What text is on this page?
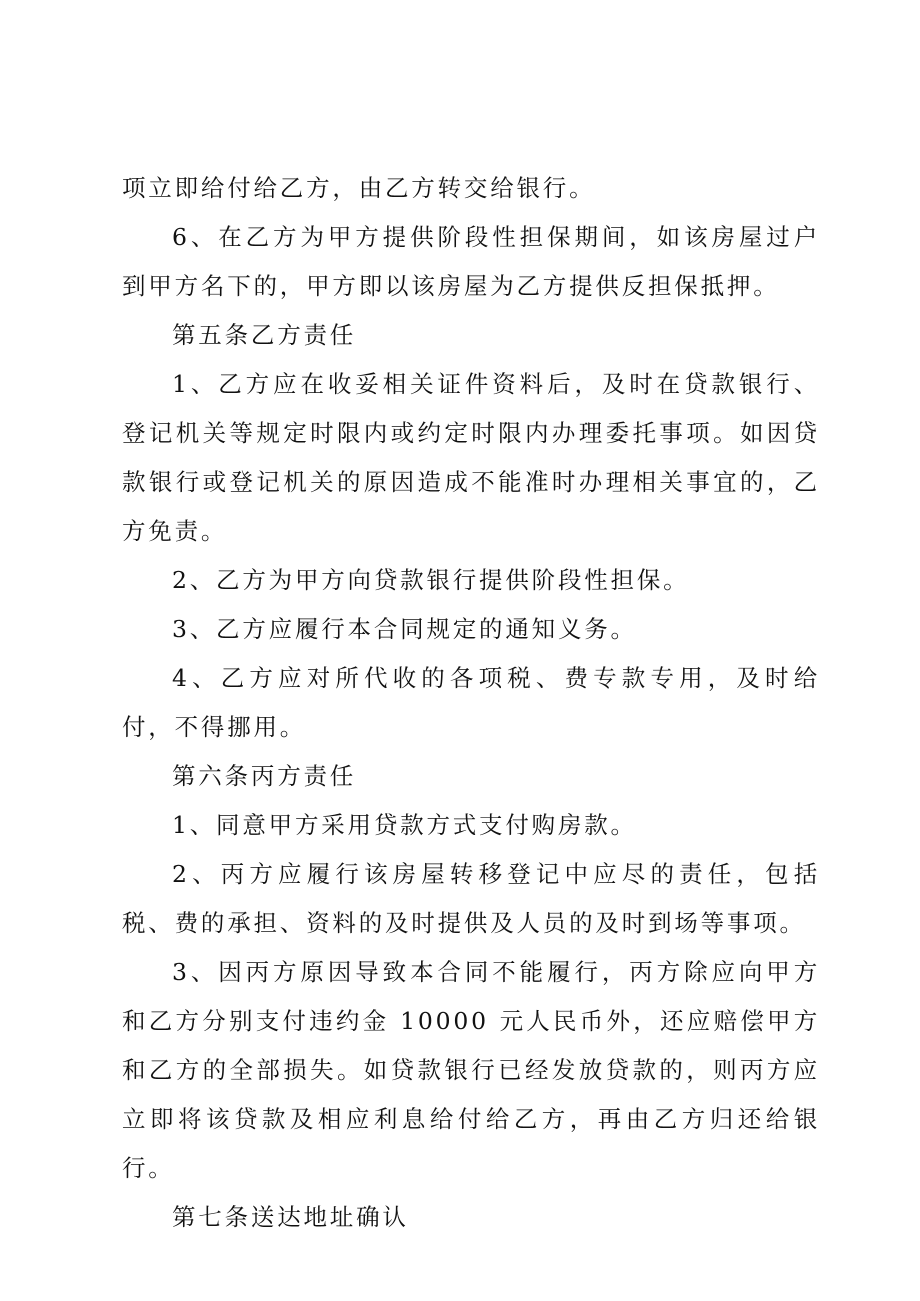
项立即给付给乙方，由乙方转交给银行。

6、在乙方为甲方提供阶段性担保期间，如该房屋过户到甲方名下的，甲方即以该房屋为乙方提供反担保抵押。

第五条乙方责任

1、乙方应在收妥相关证件资料后，及时在贷款银行、登记机关等规定时限内或约定时限内办理委托事项。如因贷款银行或登记机关的原因造成不能准时办理相关事宜的，乙方免责。

2、乙方为甲方向贷款银行提供阶段性担保。

3、乙方应履行本合同规定的通知义务。

4、乙方应对所代收的各项税、费专款专用，及时给付，不得挪用。

第六条丙方责任

1、同意甲方采用贷款方式支付购房款。

2、丙方应履行该房屋转移登记中应尽的责任，包括税、费的承担、资料的及时提供及人员的及时到场等事项。

3、因丙方原因导致本合同不能履行，丙方除应向甲方和乙方分别支付违约金 10000 元人民币外，还应赔偿甲方和乙方的全部损失。如贷款银行已经发放贷款的，则丙方应立即将该贷款及相应利息给付给乙方，再由乙方归还给银行。

第七条送达地址确认
